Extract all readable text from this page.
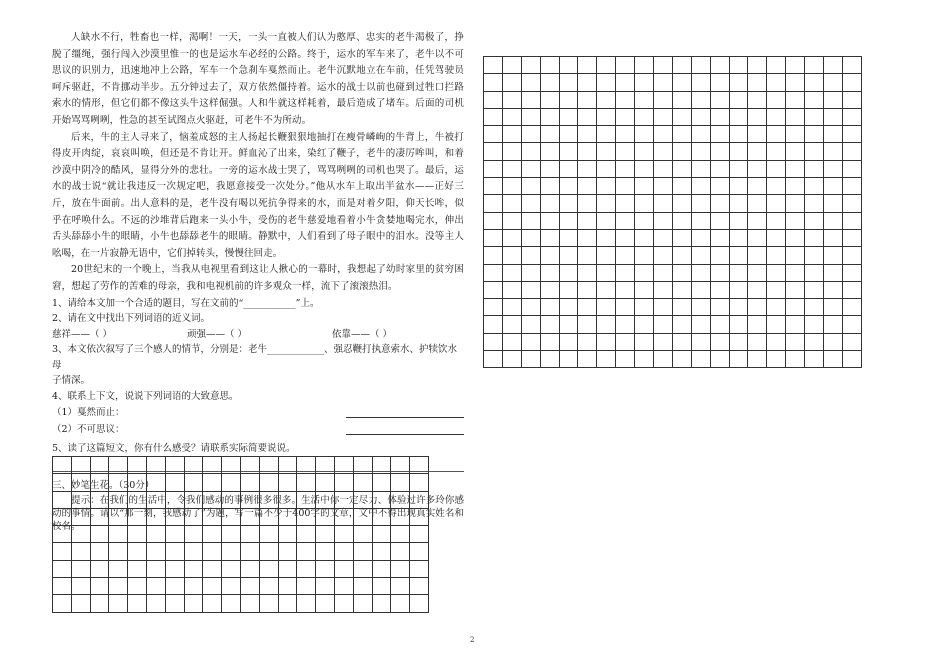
人缺水不行，牲畜也一样，渴啊！一天，一头一直被人们认为憨厚、忠实的老牛渴极了，挣脱了缰绳，强行闯入沙漠里惟一的也是运水车必经的公路。终于，运水的军车来了，老牛以不可思议的识别力，迅速地冲上公路，军车一个急刹车戛然而止。老牛沉默地立在车前，任凭驾驶员呵斥驱赶，不肯挪动半步。五分钟过去了，双方依然僵持着。运水的战士以前也碰到过牲口拦路索水的情形，但它们都不像这头牛这样倔强。人和牛就这样耗着，最后造成了堵车。后面的司机开始骂骂咧咧，性急的甚至试图点火驱赶，可老牛不为所动。

后来，牛的主人寻来了，恼羞成怒的主人扬起长鞭狠狠地抽打在瘦骨嶙峋的牛背上，牛被打得皮开肉绽，哀哀叫唤，但还是不肯让开。鲜血沁了出来，染红了鞭子，老牛的凄厉哞叫，和着沙漠中阴冷的酷风，显得分外的悲壮。一旁的运水战士哭了，骂骂咧咧的司机也哭了。最后，运水的战士说“就让我违反一次规定吧，我愿意接受一次处分。”他从水车上取出半盆水——正好三斤，放在牛面前。出人意料的是，老牛没有喝以死抗争得来的水，而是对着夕阳，仰天长哞，似乎在呼唤什么。不远的沙堆背后跑来一头小牛，受伤的老牛慈爱地看着小牛贪婪地喝完水，伸出舌头舔舔小牛的眼睛，小牛也舔舔老牛的眼睛。静默中，人们看到了母子眼中的泪水。没等主人吆喝，在一片寂静无语中，它们掉转头，慢慢往回走。

20世纪末的一个晚上，当我从电视里看到这让人揪心的一幕时，我想起了幼时家里的贫穷困窘，想起了劳作的苦难的母亲，我和电视机前的许多观众一样，流下了滚滚热泪。

1、请给本文加一个合适的题目，写在文前的“___________”上。

2、请在文中找出下列词语的近义词。

慈祥——（ ）	顽强——（ ）	依靠——（ ）

3、本文依次叙写了三个感人的情节，分别是：老牛____________、强忍鞭打执意索水、护犊饮水母
子情深。

4、联系上下文，说说下列词语的大致意思。

（1）戛然而止：

（2）不可思议：

5、读了这篇短文，你有什么感受？请联系实际简要说说。

三、妙笔生花。（30分）

提示：在我们的生活中，令我们感动的事例很多很多。生活中你一定尽力、体验过许多玲你感动的事情。请以“那一刻，我感动了”为题，写一篇不少于400字的文章，文中不得出现真实姓名和校名。

2
